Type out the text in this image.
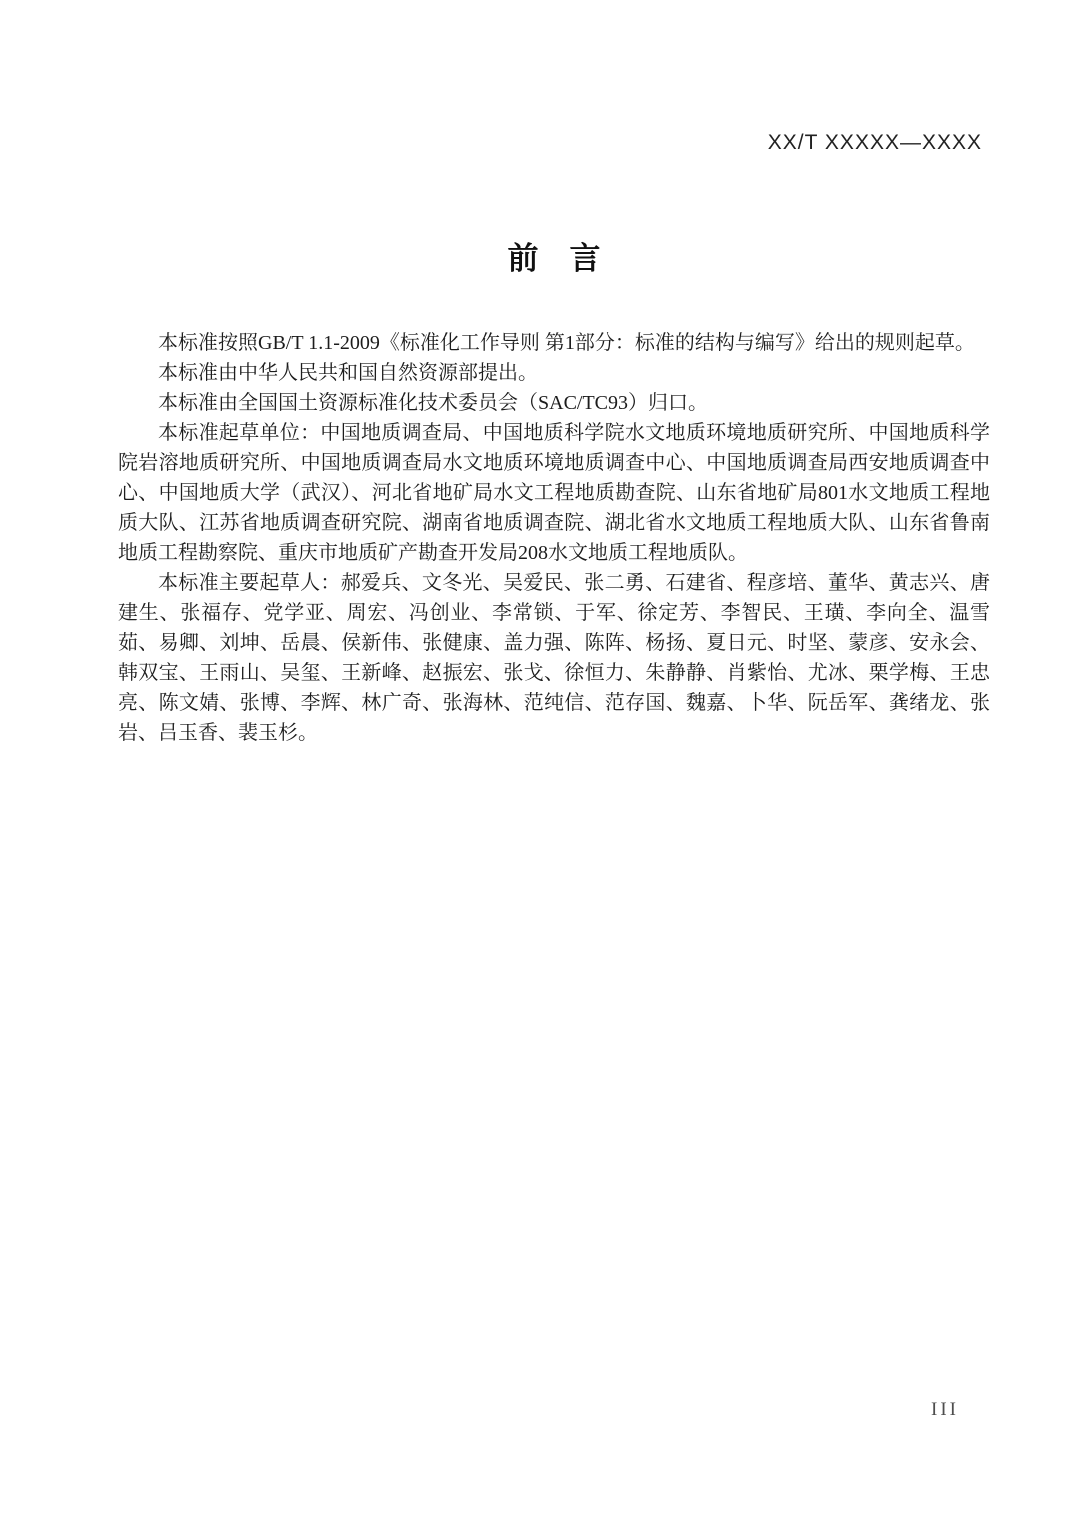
XX/T XXXXX—XXXX
前　言

本标准按照GB/T 1.1-2009《标准化工作导则 第1部分：标准的结构与编写》给出的规则起草。

本标准由中华人民共和国自然资源部提出。

本标准由全国国土资源标准化技术委员会（SAC/TC93）归口。

本标准起草单位：中国地质调查局、中国地质科学院水文地质环境地质研究所、中国地质科学院岩溶地质研究所、中国地质调查局水文地质环境地质调查中心、中国地质调查局西安地质调查中心、中国地质大学（武汉）、河北省地矿局水文工程地质勘查院、山东省地矿局801水文地质工程地质大队、江苏省地质调查研究院、湖南省地质调查院、湖北省水文地质工程地质大队、山东省鲁南地质工程勘察院、重庆市地质矿产勘查开发局208水文地质工程地质队。

本标准主要起草人：郝爱兵、文冬光、吴爱民、张二勇、石建省、程彦培、董华、黄志兴、唐建生、张福存、党学亚、周宏、冯创业、李常锁、于军、徐定芳、李智民、王璜、李向全、温雪茹、易卿、刘坤、岳晨、侯新伟、张健康、盖力强、陈阵、杨扬、夏日元、时坚、蒙彦、安永会、韩双宝、王雨山、吴玺、王新峰、赵振宏、张戈、徐恒力、朱静静、肖紫怡、尤冰、栗学梅、王忠亮、陈文婧、张博、李辉、林广奇、张海林、范纯信、范存国、魏嘉、卜华、阮岳军、龚绪龙、张岩、吕玉香、裴玉杉。

III
